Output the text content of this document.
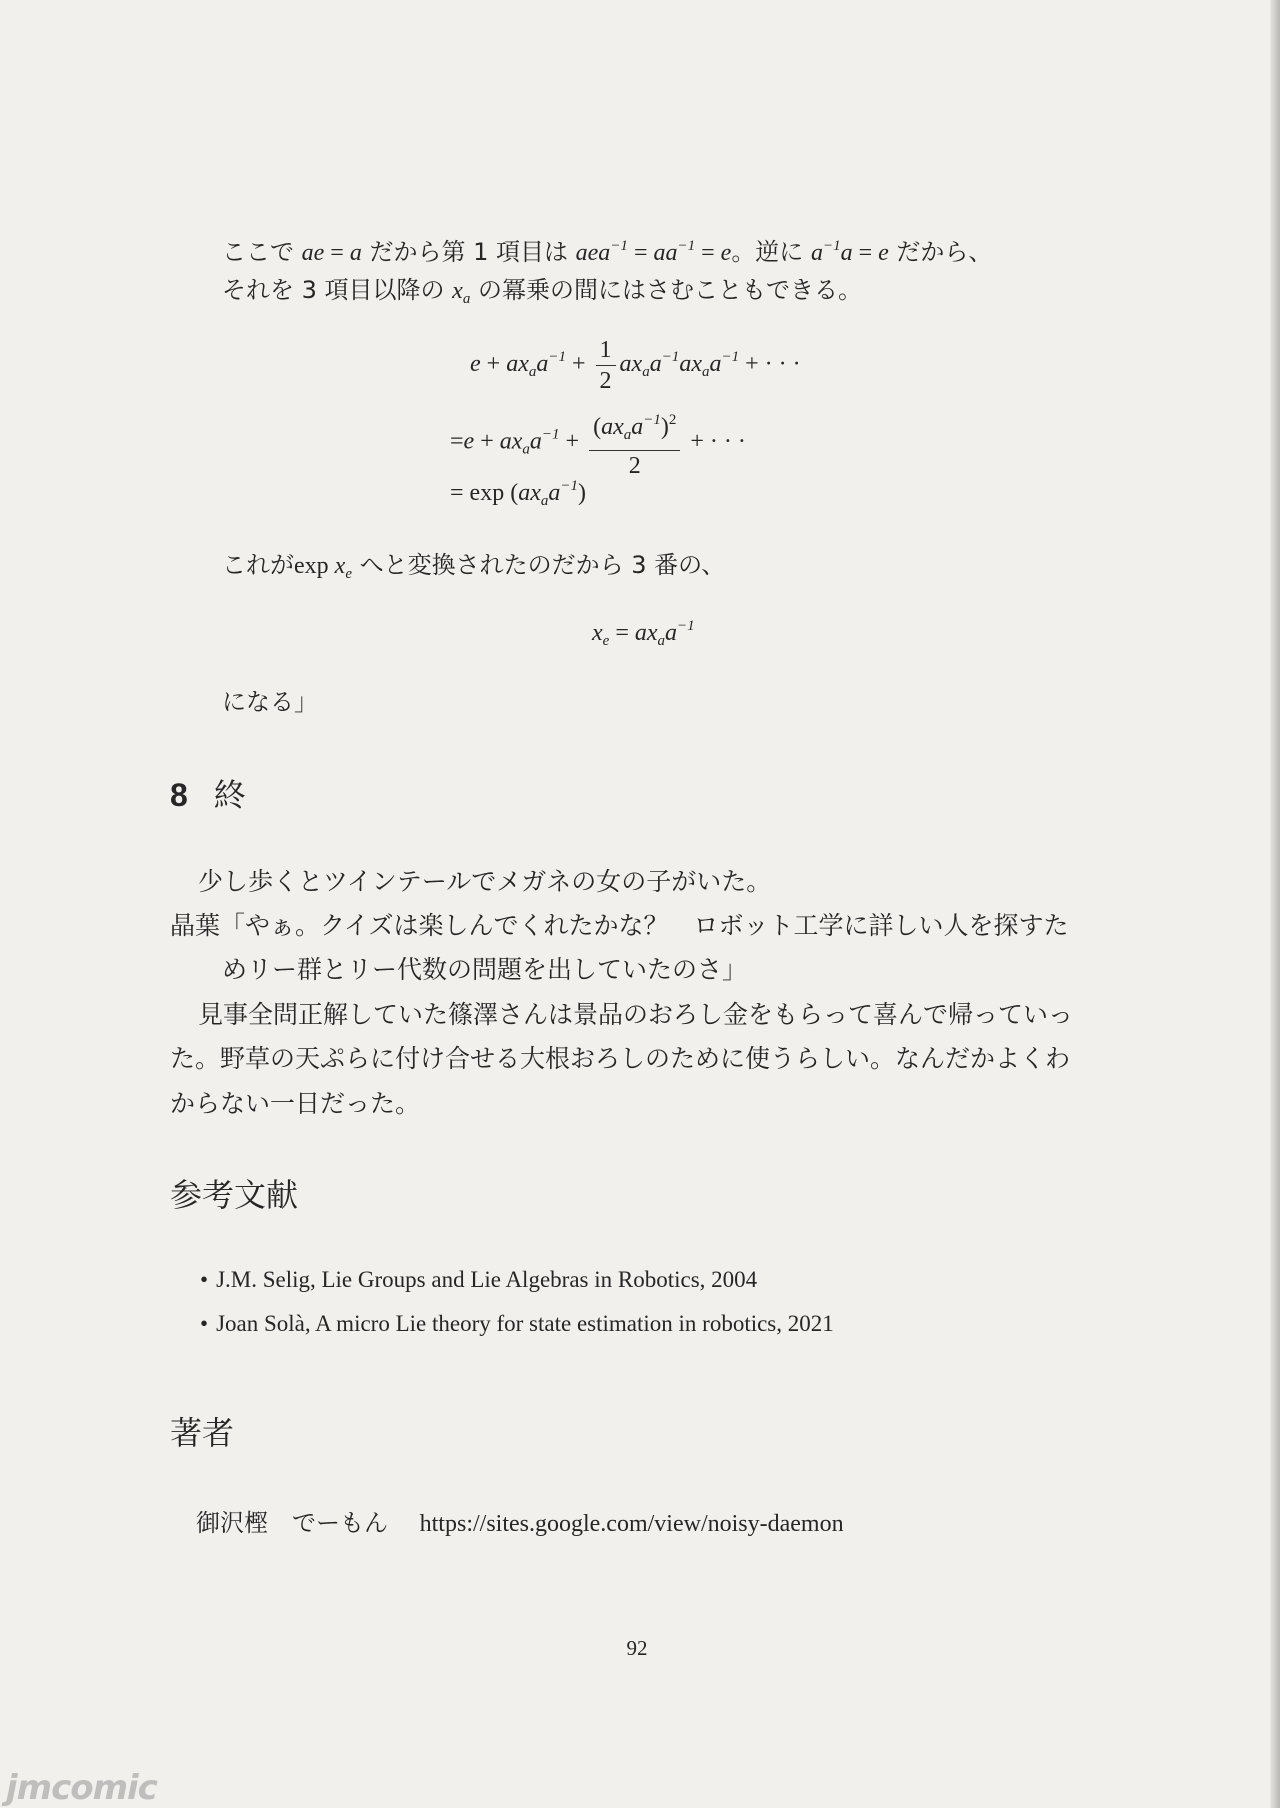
ここで ae = a だから第 1 項目は $aea^{-1} = aa^{-1} = e$。逆に $a^{-1}a = e$ だから、
それを 3 項目以降の $x_a$ の冪乗の間にはさむこともできる。
$e + ax_aa^{-1} + \frac{1}{2} ax_aa^{-1}ax_aa^{-1}$ + · · ·
$=e + ax_aa^{-1} + \frac{(ax_aa^{-1})^2}{2}$ + · · ·
= $\exp (ax_aa^{-1})$
これが$\exp x_e$ へと変換されたのだから 3 番の、
$x_e = ax_aa^{-1}$
になる」
8 終
少し歩くとツインテールでメガネの女の子がいた。
晶葉「やぁ。クイズは楽しんでくれたかな？　ロボット工学に詳しい人を探すた
めリー群とリー代数の問題を出していたのさ」
見事全問正解していた篠澤さんは景品のおろし金をもらって喜んで帰っていっ
た。野草の天ぷらに付け合せる大根おろしのために使うらしい。なんだかよくわ
からない一日だった。
参考文献
• J.M. Selig, Lie Groups and Lie Algebras in Robotics, 2004
• Joan Solà, A micro Lie theory for state estimation in robotics, 2021
著者
御沢樫　でーもん https://sites.google.com/view/noisy-daemon
92
jmcomic
